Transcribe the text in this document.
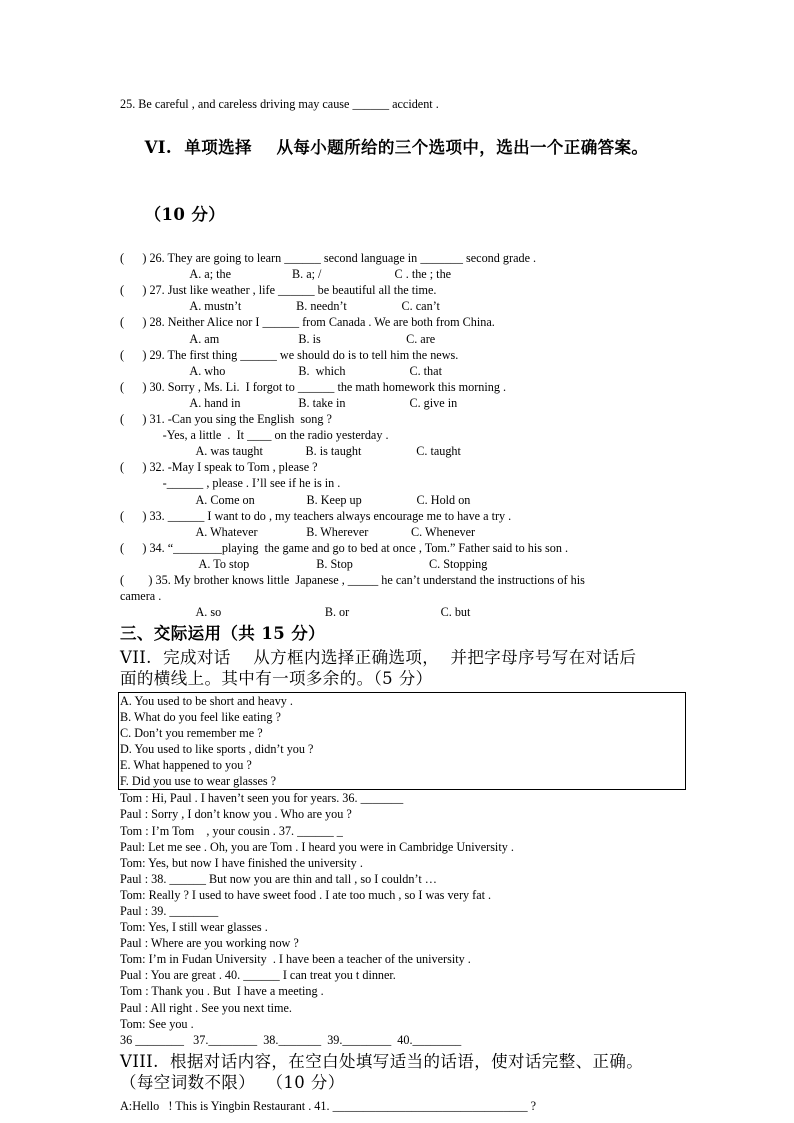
25. Be careful , and careless driving may cause ______ accident .

VI.  单项选择    从每小题所给的三个选项中，选出一个正确答案。

（10 分）

(      ) 26. They are going to learn ______ second language in _______ second grade .
A. a; the                    B. a; /                        C . the ; the
(      ) 27. Just like weather , life ______ be beautiful all the time.
A. mustn’t                  B. needn’t                  C. can’t
(      ) 28. Neither Alice nor I ______ from Canada . We are both from China.
A. am                          B. is                            C. are
(      ) 29. The first thing ______ we should do is to tell him the news.
A. who                        B.  which                     C. that
(      ) 30. Sorry , Ms. Li.  I forgot to ______ the math homework this morning .
A. hand in                   B. take in                     C. give in
(      ) 31. -Can you sing the English  song ?
-Yes, a little  .  It ____ on the radio yesterday .
A. was taught              B. is taught                  C. taught
(      ) 32. -May I speak to Tom , please ?
-______ , please . I’ll see if he is in .
A. Come on                 B. Keep up                  C. Hold on
(      ) 33. ______ I want to do , my teachers always encourage me to have a try .
A. Whatever                B. Wherever              C. Whenever
(      ) 34. “________playing  the game and go to bed at once , Tom.” Father said to his son .
A. To stop                      B. Stop                         C. Stopping
(        ) 35. My brother knows little  Japanese , _____ he can’t understand the instructions of his
camera .
A. so                                  B. or                              C. but
三、交际运用（共 15 分）
VII.  完成对话    从方框内选择正确选项，  并把字母序号写在对话后
面的横线上。其中有一项多余的。（5 分）
A. You used to be short and heavy .
B. What do you feel like eating ?
C. Don’t you remember me ?
D. You used to like sports , didn’t you ?
E. What happened to you ?
F. Did you use to wear glasses ?
Tom : Hi, Paul . I haven’t seen you for years. 36. _______
Paul : Sorry , I don’t know you . Who are you ?
Tom : I’m Tom    , your cousin . 37. ______ _
Paul: Let me see . Oh, you are Tom . I heard you were in Cambridge University .
Tom: Yes, but now I have finished the university .
Paul : 38. ______ But now you are thin and tall , so I couldn’t …
Tom: Really ? I used to have sweet food . I ate too much , so I was very fat .
Paul : 39. ________
Tom: Yes, I still wear glasses .
Paul : Where are you working now ?
Tom: I’m in Fudan University  . I have been a teacher of the university .
Pual : You are great . 40. ______ I can treat you t dinner.
Tom : Thank you . But  I have a meeting .
Paul : All right . See you next time.
Tom: See you .
36 ________   37.________  38._______  39.________  40.________
VIII.  根据对话内容，在空白处填写适当的话语，使对话完整、正确。
（每空词数不限）  （10 分）
A:Hello   ! This is Yingbin Restaurant . 41. ________________________________ ?
